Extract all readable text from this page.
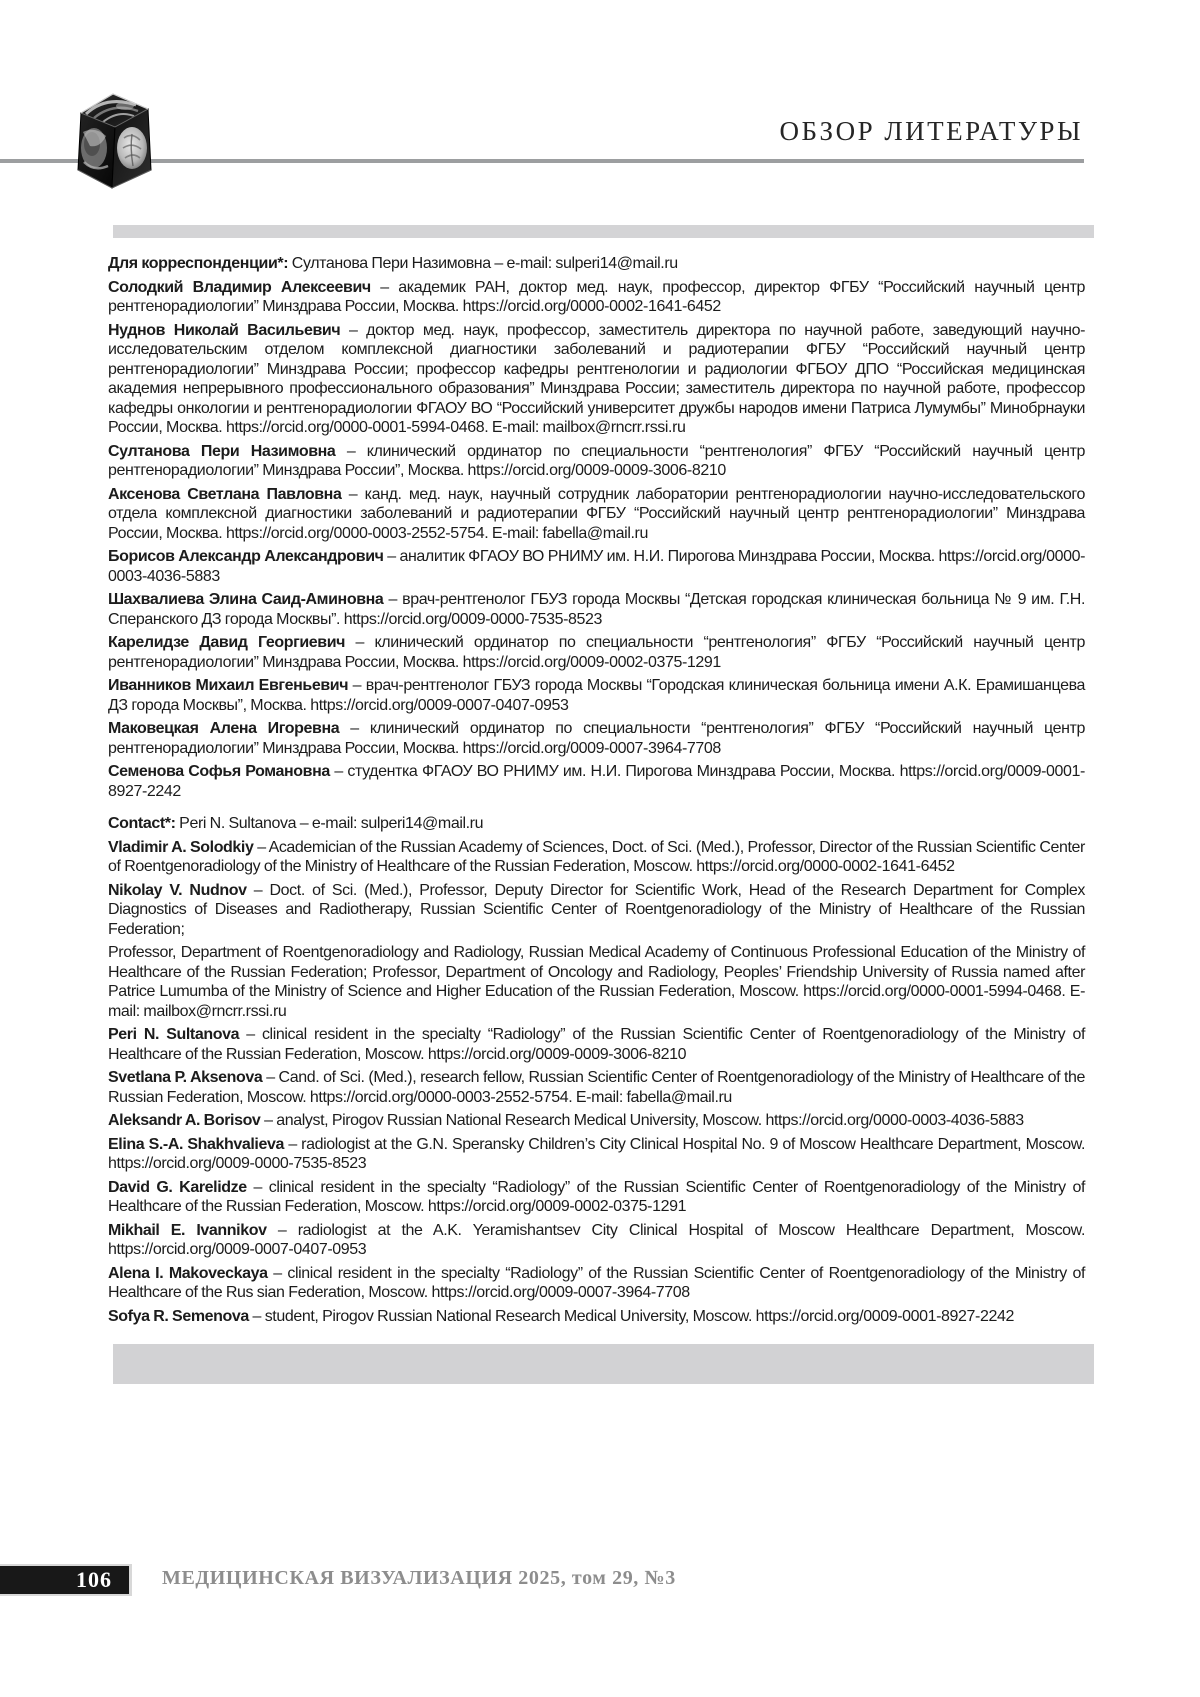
ОБЗОР ЛИТЕРАТУРЫ

Для корреспонденции*: Султанова Пери Назимовна – e-mail: sulperi14@mail.ru

Солодкий Владимир Алексеевич – академик РАН, доктор мед. наук, профессор, директор ФГБУ “Российский научный центр рентгенорадиологии” Минздрава России, Москва. https://orcid.org/0000-0002-1641-6452

Нуднов Николай Васильевич – доктор мед. наук, профессор, заместитель директора по научной работе, заведующий научно-исследовательским отделом комплексной диагностики заболеваний и радиотерапии ФГБУ “Российский научный центр рентгенорадиологии” Минздрава России; профессор кафедры рентгенологии и радиологии ФГБОУ ДПО “Российская медицинская академия непрерывного профессионального образования” Минздрава России; заместитель директора по научной работе, профессор кафедры онкологии и рентгенорадиологии ФГАОУ ВО “Российский университет дружбы народов имени Патриса Лумумбы” Минобрнауки России, Москва. https://orcid.org/0000-0001-5994-0468. E-mail: mailbox@rncrr.rssi.ru

Султанова Пери Назимовна – клинический ординатор по специальности “рентгенология” ФГБУ “Российский научный центр рентгенорадиологии” Минздрава России”, Москва. https://orcid.org/0009-0009-3006-8210

Аксенова Светлана Павловна – канд. мед. наук, научный сотрудник лаборатории рентгенорадиологии научно-исследовательского отдела комплексной диагностики заболеваний и радиотерапии ФГБУ “Российский научный центр рентгенорадиологии” Минздрава России, Москва. https://orcid.org/0000-0003-2552-5754. E-mail: fabella@mail.ru

Борисов Александр Александрович – аналитик ФГАОУ ВО РНИМУ им. Н.И. Пирогова Минздрава России, Москва. https://orcid.org/0000-0003-4036-5883

Шахвалиева Элина Саид-Аминовна – врач-рентгенолог ГБУЗ города Москвы “Детская городская клиническая больница № 9 им. Г.Н. Сперанского ДЗ города Москвы”. https://orcid.org/0009-0000-7535-8523

Карелидзе Давид Георгиевич – клинический ординатор по специальности “рентгенология” ФГБУ “Российский научный центр рентгенорадиологии” Минздрава России, Москва. https://orcid.org/0009-0002-0375-1291

Иванников Михаил Евгеньевич – врач-рентгенолог ГБУЗ города Москвы “Городская клиническая больница имени А.К. Ерамишанцева ДЗ города Москвы”, Москва. https://orcid.org/0009-0007-0407-0953

Маковецкая Алена Игоревна – клинический ординатор по специальности “рентгенология” ФГБУ “Российский научный центр рентгенорадиологии” Минздрава России, Москва. https://orcid.org/0009-0007-3964-7708

Семенова Софья Романовна – студентка ФГАОУ ВО РНИМУ им. Н.И. Пирогова Минздрава России, Москва. https://orcid.org/0009-0001-8927-2242

Contact*: Peri N. Sultanova – e-mail: sulperi14@mail.ru

Vladimir A. Solodkiy – Academician of the Russian Academy of Sciences, Doct. of Sci. (Med.), Professor, Director of the Russian Scientific Center of Roentgenoradiology of the Ministry of Healthcare of the Russian Federation, Moscow. https://orcid.org/0000-0002-1641-6452

Nikolay V. Nudnov – Doct. of Sci. (Med.), Professor, Deputy Director for Scientific Work, Head of the Research Department for Complex Diagnostics of Diseases and Radiotherapy, Russian Scientific Center of Roentgenoradiology of the Ministry of Healthcare of the Russian Federation;

Professor, Department of Roentgenoradiology and Radiology, Russian Medical Academy of Continuous Professional Education of the Ministry of Healthcare of the Russian Federation; Professor, Department of Oncology and Radiology, Peoples’ Friendship University of Russia named after Patrice Lumumba of the Ministry of Science and Higher Education of the Russian Federation, Moscow. https://orcid.org/0000-0001-5994-0468. E-mail: mailbox@rncrr.rssi.ru

Peri N. Sultanova – clinical resident in the specialty “Radiology” of the Russian Scientific Center of Roentgenoradiology of the Ministry of Healthcare of the Russian Federation, Moscow. https://orcid.org/0009-0009-3006-8210

Svetlana P. Aksenova – Cand. of Sci. (Med.), research fellow, Russian Scientific Center of Roentgenoradiology of the Ministry of Healthcare of the Russian Federation, Moscow. https://orcid.org/0000-0003-2552-5754. E-mail: fabella@mail.ru

Aleksandr A. Borisov – analyst, Pirogov Russian National Research Medical University, Moscow. https://orcid.org/0000-0003-4036-5883

Elina S.-A. Shakhvalieva – radiologist at the G.N. Speransky Children’s City Clinical Hospital No. 9 of Moscow Healthcare Department, Moscow. https://orcid.org/0009-0000-7535-8523

David G. Karelidze – clinical resident in the specialty “Radiology” of the Russian Scientific Center of Roentgenoradiology of the Ministry of Healthcare of the Russian Federation, Moscow. https://orcid.org/0009-0002-0375-1291

Mikhail E. Ivannikov – radiologist at the A.K. Yeramishantsev City Clinical Hospital of Moscow Healthcare Department, Moscow. https://orcid.org/0009-0007-0407-0953

Alena I. Makoveckaya – clinical resident in the specialty “Radiology” of the Russian Scientific Center of Roentgenoradiology of the Ministry of Healthcare of the Rus sian Federation, Moscow. https://orcid.org/0009-0007-3964-7708

Sofya R. Semenova – student, Pirogov Russian National Research Medical University, Moscow. https://orcid.org/0009-0001-8927-2242

106	МЕДИЦИНСКАЯ ВИЗУАЛИЗАЦИЯ 2025, том 29, №3
